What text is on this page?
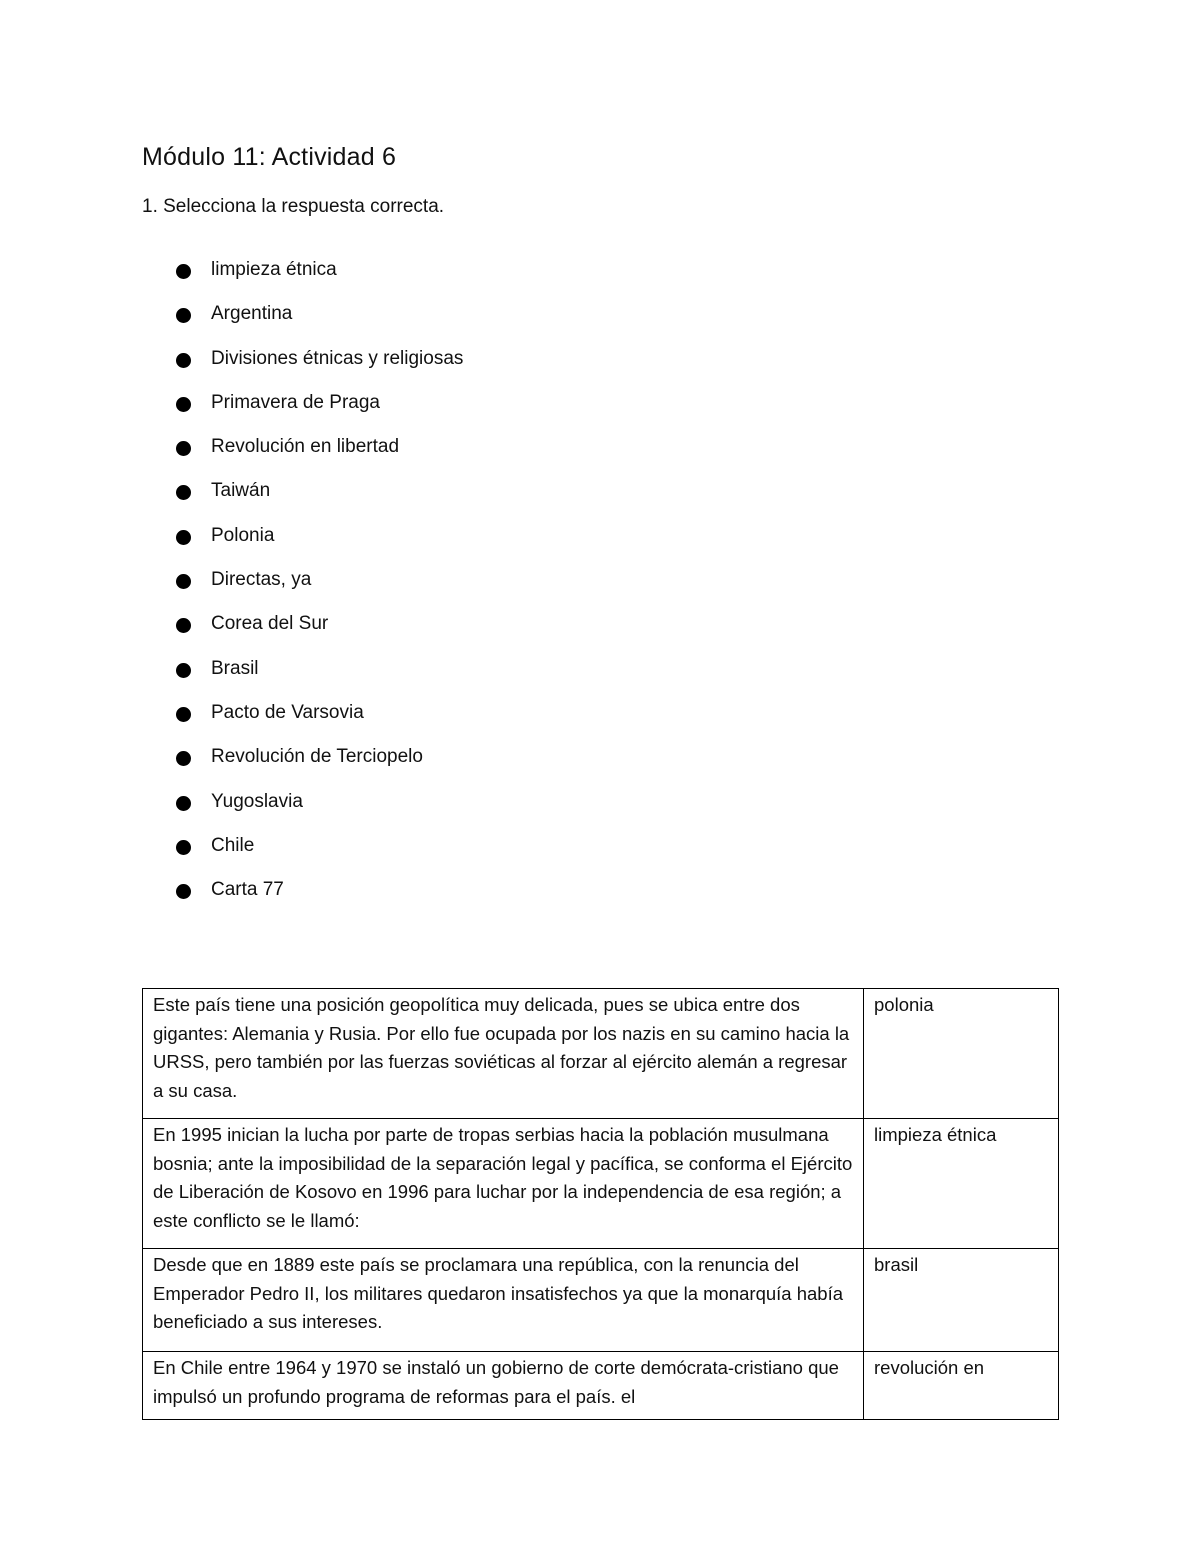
Módulo 11: Actividad 6

1. Selecciona la respuesta correcta.

limpieza étnica
Argentina
Divisiones étnicas y religiosas
Primavera de Praga
Revolución en libertad
Taiwán
Polonia
Directas, ya
Corea del Sur
Brasil
Pacto de Varsovia
Revolución de Terciopelo
Yugoslavia
Chile
Carta 77
Este país tiene una posición geopolítica muy delicada, pues se ubica entre dos gigantes: Alemania y Rusia. Por ello fue ocupada por los nazis en su camino hacia la URSS, pero también por las fuerzas soviéticas al forzar al ejército alemán a regresar a su casa.	polonia
En 1995 inician la lucha por parte de tropas serbias hacia la población musulmana bosnia; ante la imposibilidad de la separación legal y pacífica, se conforma el Ejército de Liberación de Kosovo en 1996 para luchar por la independencia de esa región; a este conflicto se le llamó:	limpieza étnica
Desde que en 1889 este país se proclamara una república, con la renuncia del Emperador Pedro II, los militares quedaron insatisfechos ya que la monarquía había beneficiado a sus intereses.	brasil

En Chile entre 1964 y 1970 se instaló un gobierno de corte demócrata-cristiano que impulsó un profundo programa de reformas para el país. el	revolución en
